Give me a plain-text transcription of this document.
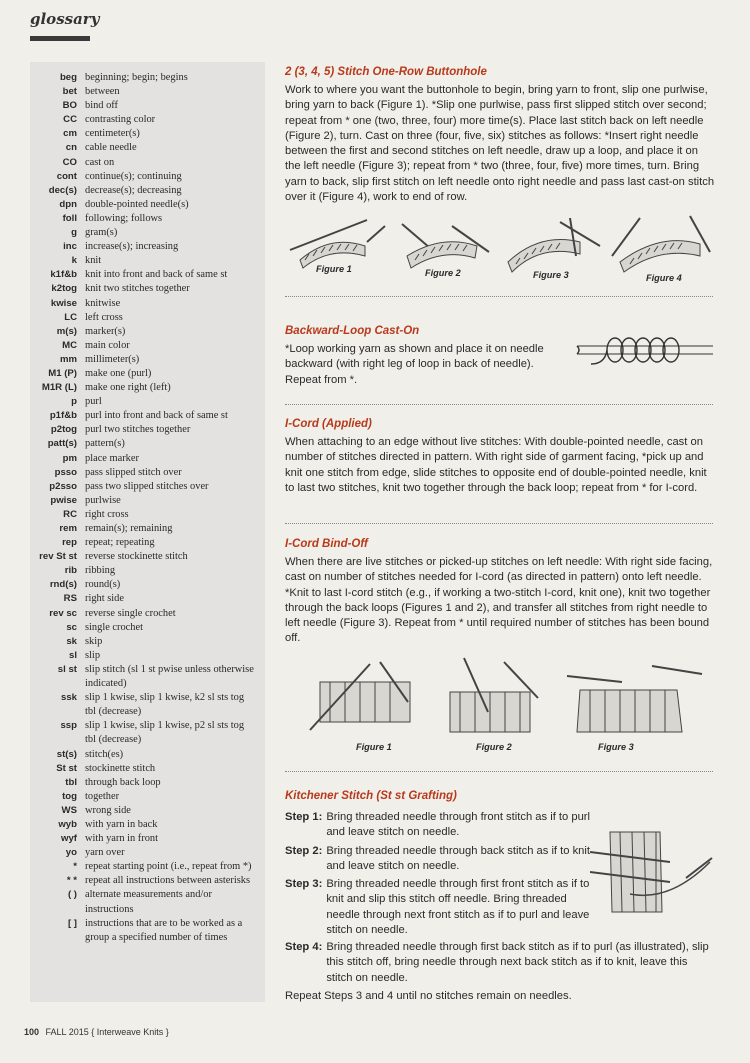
glossary
beg beginning; begin; begins
bet between
BO bind off
CC contrasting color
cm centimeter(s)
cn cable needle
CO cast on
cont continue(s); continuing
dec(s) decrease(s); decreasing
dpn double-pointed needle(s)
foll following; follows
g gram(s)
inc increase(s); increasing
k knit
k1f&b knit into front and back of same st
k2tog knit two stitches together
kwise knitwise
LC left cross
m(s) marker(s)
MC main color
mm millimeter(s)
M1 (P) make one (purl)
M1R (L) make one right (left)
p purl
p1f&b purl into front and back of same st
p2tog purl two stitches together
patt(s) pattern(s)
pm place marker
psso pass slipped stitch over
p2sso pass two slipped stitches over
pwise purlwise
RC right cross
rem remain(s); remaining
rep repeat; repeating
rev St st reverse stockinette stitch
rib ribbing
rnd(s) round(s)
RS right side
rev sc reverse single crochet
sc single crochet
sk skip
sl slip
sl st slip stitch (sl 1 st pwise unless otherwise indicated)
ssk slip 1 kwise, slip 1 kwise, k2 sl sts tog tbl (decrease)
ssp slip 1 kwise, slip 1 kwise, p2 sl sts tog tbl (decrease)
st(s) stitch(es)
St st stockinette stitch
tbl through back loop
tog together
WS wrong side
wyb with yarn in back
wyf with yarn in front
yo yarn over
* repeat starting point (i.e., repeat from *)
* * repeat all instructions between asterisks
( ) alternate measurements and/or instructions
[ ] instructions that are to be worked as a group a specified number of times
2 (3, 4, 5) Stitch One-Row Buttonhole

Work to where you want the buttonhole to begin, bring yarn to front, slip one purlwise, bring yarn to back (Figure 1). *Slip one purlwise, pass first slipped stitch over second; repeat from * one (two, three, four) more time(s). Place last stitch back on left needle (Figure 2), turn. Cast on three (four, five, six) stitches as follows: *Insert right needle between the first and second stitches on left needle, draw up a loop, and place it on the left needle (Figure 3); repeat from * two (three, four, five) more times, turn. Bring yarn to back, slip first stitch on left needle onto right needle and pass last cast-on stitch over it (Figure 4), work to end of row.

Figure 1	Figure 2	Figure 3	Figure 4
Backward-Loop Cast-On

*Loop working yarn as shown and place it on needle backward (with right leg of loop in back of needle). Repeat from *.

I-Cord (Applied)

When attaching to an edge without live stitches: With double-pointed needle, cast on number of stitches directed in pattern. With right side of garment facing, *pick up and knit one stitch from edge, slide stitches to opposite end of double-pointed needle, knit to last two stitches, knit two together through the back loop; repeat from * for I-cord.

I-Cord Bind-Off

When there are live stitches or picked-up stitches on left needle: With right side facing, cast on number of stitches needed for I-cord (as directed in pattern) onto left needle. *Knit to last I-cord stitch (e.g., if working a two-stitch I-cord, knit one), knit two together through the back loops (Figures 1 and 2), and transfer all stitches from right needle to left needle (Figure 3). Repeat from * until required number of stitches has been bound off.

Figure 1	Figure 2	Figure 3
Kitchener Stitch (St st Grafting)
Step 1: Bring threaded needle through front stitch as if to purl and leave stitch on needle.
Step 2: Bring threaded needle through back stitch as if to knit and leave stitch on needle.
Step 3: Bring threaded needle through first front stitch as if to knit and slip this stitch off needle. Bring threaded needle through next front stitch as if to purl and leave stitch on needle.
Step 4: Bring threaded needle through first back stitch as if to purl (as illustrated), slip this stitch off, bring needle through next back stitch as if to knit, leave this stitch on needle.

Repeat Steps 3 and 4 until no stitches remain on needles.

100 FALL 2015 { Interweave Knits }
